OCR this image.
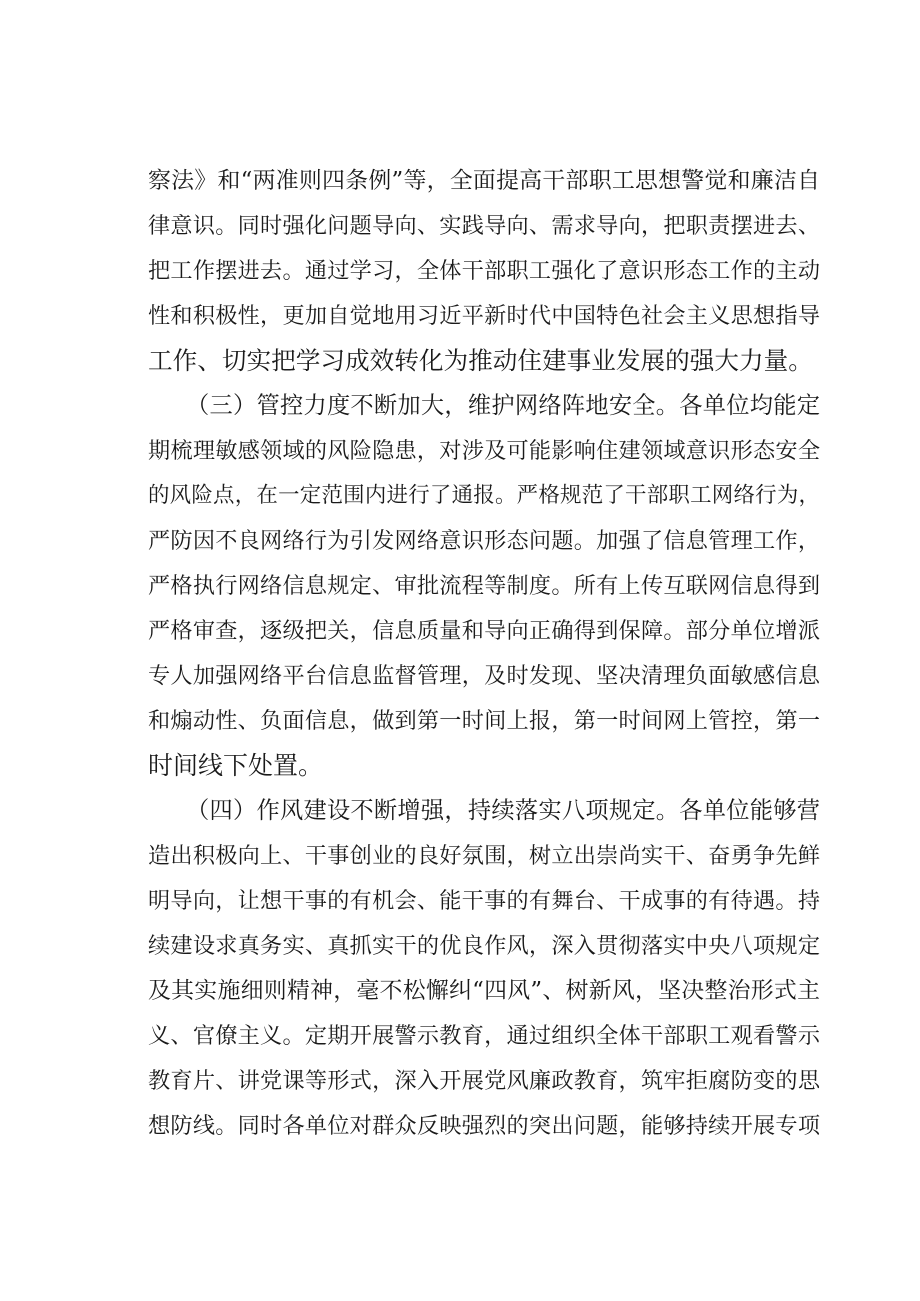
察法》和“两准则四条例”等，全面提高干部职工思想警觉和廉洁自
律意识。同时强化问题导向、实践导向、需求导向，把职责摆进去、
把工作摆进去。通过学习，全体干部职工强化了意识形态工作的主动
性和积极性，更加自觉地用习近平新时代中国特色社会主义思想指导
工作、切实把学习成效转化为推动住建事业发展的强大力量。
（三）管控力度不断加大，维护网络阵地安全。各单位均能定
期梳理敏感领域的风险隐患，对涉及可能影响住建领域意识形态安全
的风险点，在一定范围内进行了通报。严格规范了干部职工网络行为，
严防因不良网络行为引发网络意识形态问题。加强了信息管理工作，
严格执行网络信息规定、审批流程等制度。所有上传互联网信息得到
严格审查，逐级把关，信息质量和导向正确得到保障。部分单位增派
专人加强网络平台信息监督管理，及时发现、坚决清理负面敏感信息
和煽动性、负面信息，做到第一时间上报，第一时间网上管控，第一
时间线下处置。
（四）作风建设不断增强，持续落实八项规定。各单位能够营
造出积极向上、干事创业的良好氛围，树立出崇尚实干、奋勇争先鲜
明导向，让想干事的有机会、能干事的有舞台、干成事的有待遇。持
续建设求真务实、真抓实干的优良作风，深入贯彻落实中央八项规定
及其实施细则精神，毫不松懈纠“四风”、树新风，坚决整治形式主
义、官僚主义。定期开展警示教育，通过组织全体干部职工观看警示
教育片、讲党课等形式，深入开展党风廉政教育，筑牢拒腐防变的思
想防线。同时各单位对群众反映强烈的突出问题，能够持续开展专项
